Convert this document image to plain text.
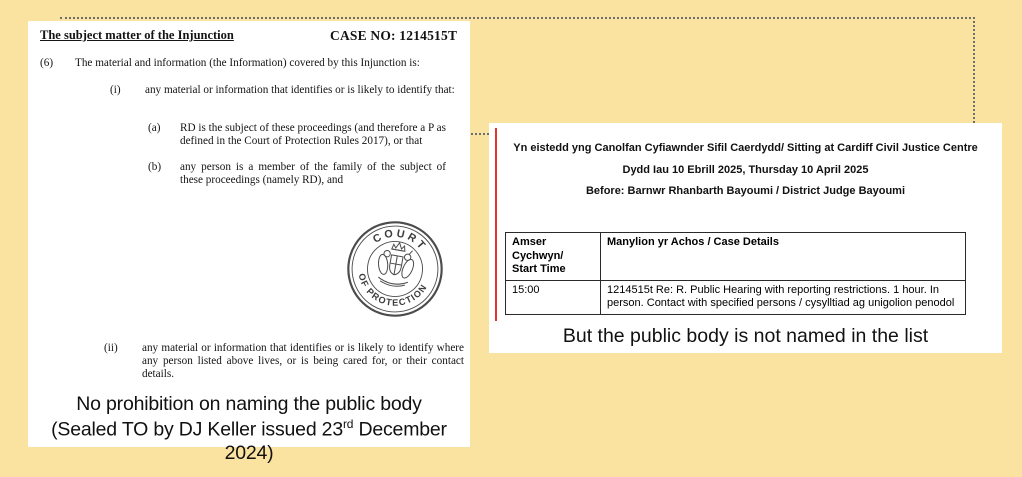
The subject matter of the Injunction	CASE NO: 1214515T
(6)	The material and information (the Information) covered by this Injunction is:
(i)	any material or information that identifies or is likely to identify that:
(a)	RD is the subject of these proceedings (and therefore a P as defined in the Court of Protection Rules 2017), or that
(b)	any person is a member of the family of the subject of these proceedings (namely RD), and
COURT
OF PROTECTION
(ii)	any material or information that identifies or is likely to identify where any person listed above lives, or is being cared for, or their contact details.
No prohibition on naming the public body
(Sealed TO by DJ Keller issued 23rd December 2024)
Yn eistedd yng Canolfan Cyfiawnder Sifil Caerdydd/ Sitting at Cardiff Civil Justice Centre
Dydd Iau 10 Ebrill 2025, Thursday 10 April 2025
Before: Barnwr Rhanbarth Bayoumi / District Judge Bayoumi
Amser
Cychwyn/
Start Time	Manylion yr Achos / Case Details
15:00	1214515t Re: R. Public Hearing with reporting restrictions. 1 hour. In person. Contact with specified persons / cysylltiad ag unigolion penodol
But the public body is not named in the list
